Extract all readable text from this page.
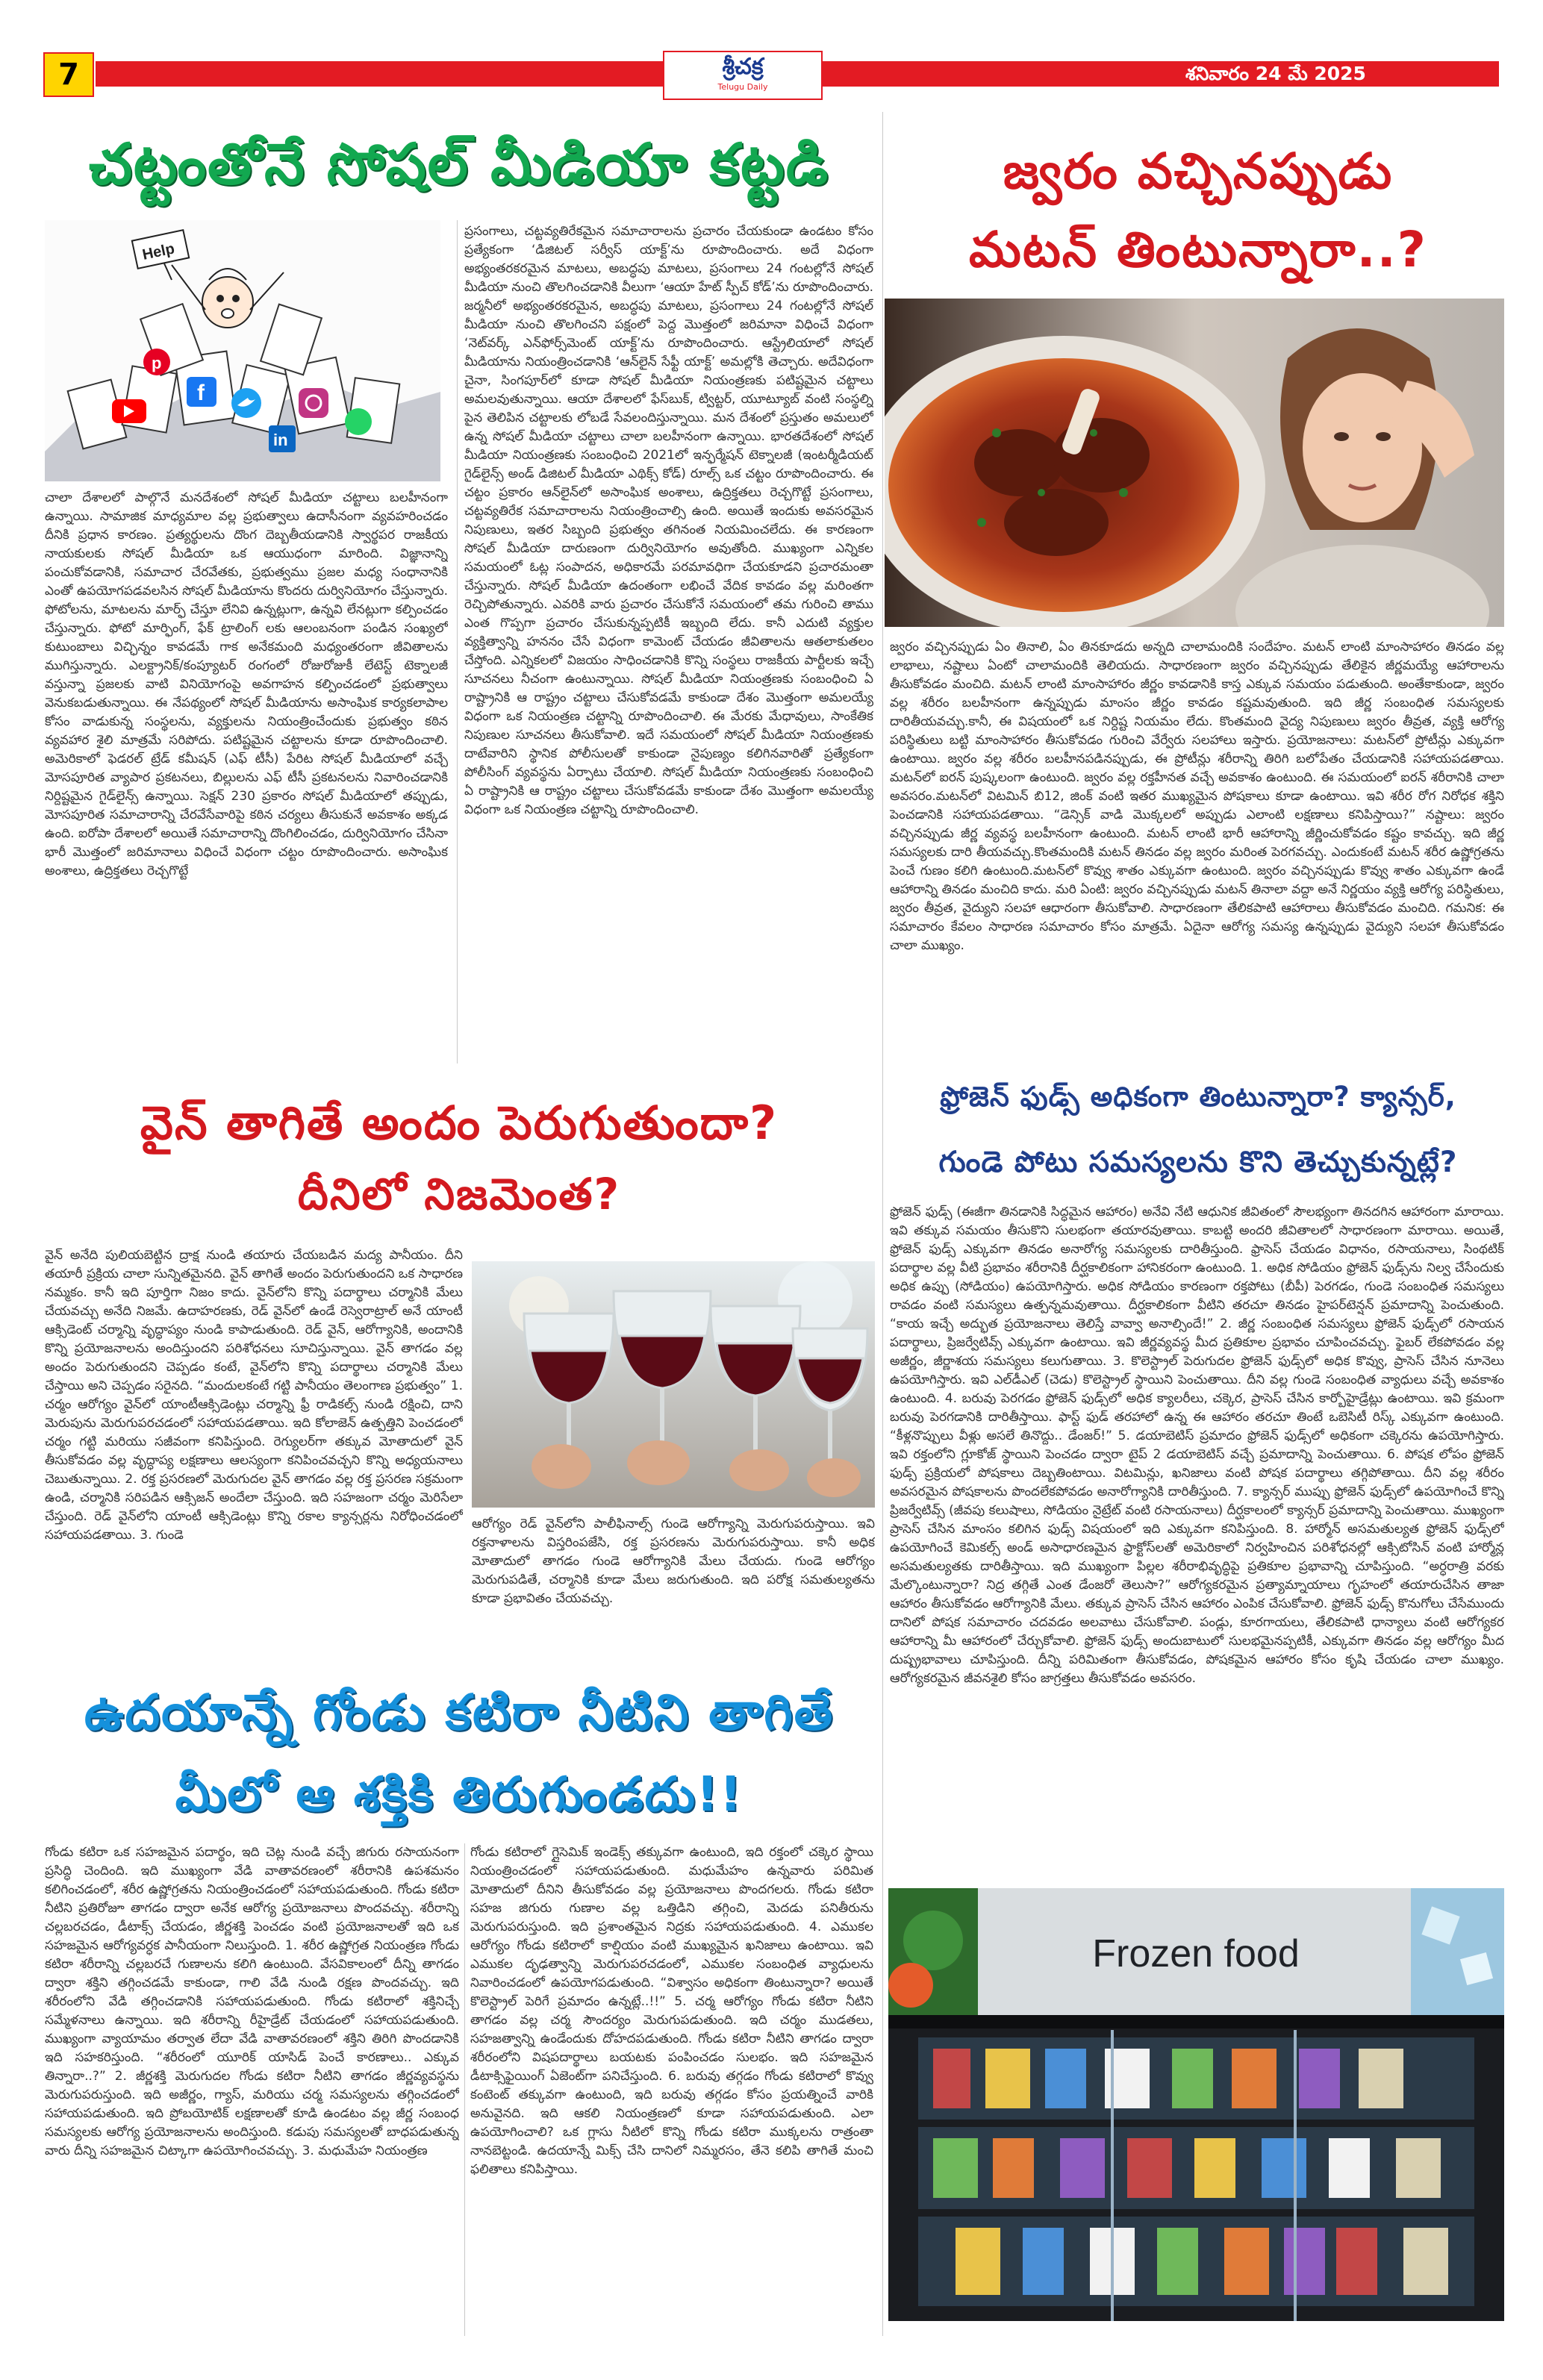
7	శ్రీచక్ర
Telugu Daily
శనివారం 24 మే 2025
చట్టంతోనే సోషల్ మీడియా కట్టడి
f
in
p
Help

చాలా దేశాలలో పాల్గొనే మనదేశంలో సోషల్ మీడియా చట్టాలు బలహీనంగా ఉన్నాయి. సామాజిక మాధ్యమాల వల్ల ప్రభుత్వాలు ఉదాసీనంగా వ్యవహరించడం దీనికి ప్రధాన కారణం. ప్రత్యర్థులను దొంగ దెబ్బతీయడానికి స్వార్థపర రాజకీయ నాయకులకు సోషల్ మీడియా ఒక ఆయుధంగా మారింది. విజ్ఞానాన్ని పంచుకోవడానికి, సమాచార చేరవేతకు, ప్రభుత్వము ప్రజల మధ్య సంధానానికి ఎంతో ఉపయోగపడవలసిన సోషల్ మీడియాను కొందరు దుర్వినియోగం చేస్తున్నారు. ఫోటోలను, మాటలను మార్ఫ్ చేస్తూ లేనివి ఉన్నట్లుగా, ఉన్నవి లేనట్లుగా కల్పించడం చేస్తున్నారు. ఫోటో మార్ఫింగ్, ఫేక్ ట్రాలింగ్ లకు ఆలంబనంగా పండిన సంఖ్యలో కుటుంబాలు విచ్ఛిన్నం కావడమే గాక అనేకమంది మధ్యంతరంగా జీవితాలను ముగిస్తున్నారు. ఎలక్ట్రానిక్/కంప్యూటర్ రంగంలో రోజురోజుకీ లేటెస్ట్ టెక్నాలజీ వస్తున్నా ప్రజలకు వాటి వినియోగంపై అవగాహన కల్పించడంలో ప్రభుత్వాలు వెనుకబడుతున్నాయి. ఈ నేపథ్యంలో సోషల్ మీడియాను అసాంఘిక కార్యకలాపాల కోసం వాడుకున్న సంస్థలను, వ్యక్తులను నియంత్రించేందుకు ప్రభుత్వం కఠిన వ్యవహార శైలి మాత్రమే సరిపోదు. పటిష్టమైన చట్టాలను కూడా రూపొందించాలి. అమెరికాలో ఫెడరల్ ట్రేడ్ కమీషన్ (ఎఫ్ టీసీ) పేరిట సోషల్ మీడియాలో వచ్చే మోసపూరిత వ్యాపార ప్రకటనలు, బిల్లులను ఎఫ్ టీసీ ప్రకటనలను నివారించడానికి నిర్దిష్టమైన గైడ్‌లైన్స్ ఉన్నాయి. సెక్షన్ 230 ప్రకారం సోషల్ మీడియాలో తప్పుడు, మోసపూరిత సమాచారాన్ని చేరవేసేవారిపై కఠిన చర్యలు తీసుకునే అవకాశం అక్కడ ఉంది. ఐరోపా దేశాలలో అయితే సమాచారాన్ని దొంగిలించడం, దుర్వినియోగం చేసినా భారీ మొత్తంలో జరిమానాలు విధించే విధంగా చట్టం రూపొందించారు. అసాంఘిక అంశాలు, ఉద్రిక్తతలు రెచ్చగొట్టే

ప్రసంగాలు, చట్టవ్యతిరేకమైన సమాచారాలను ప్రచారం చేయకుండా ఉండటం కోసం ప్రత్యేకంగా ‘డిజిటల్ సర్వీస్ యాక్ట్’ను రూపొందించారు. అదే విధంగా అభ్యంతరకరమైన మాటలు, అబద్ధపు మాటలు, ప్రసంగాలు 24 గంటల్లోనే సోషల్ మీడియా నుంచి తొలగించడానికి వీలుగా ‘ఆయా హేట్ స్పీచ్ కోడ్’ను రూపొందించారు. జర్మనీలో అభ్యంతరకరమైన, అబద్ధపు మాటలు, ప్రసంగాలు 24 గంటల్లోనే సోషల్ మీడియా నుంచి తొలగించని పక్షంలో పెద్ద మొత్తంలో జరిమానా విధించే విధంగా ‘నెట్‌వర్క్ ఎన్‌ఫోర్స్‌మెంట్ యాక్ట్’ను రూపొందించారు. ఆస్ట్రేలియాలో సోషల్ మీడియాను నియంత్రించడానికి ‘ఆన్‌లైన్ సేఫ్టీ యాక్ట్’ అమల్లోకి తెచ్చారు. అదేవిధంగా చైనా, సింగపూర్‌లో కూడా సోషల్ మీడియా నియంత్రణకు పటిష్టమైన చట్టాలు అమలవుతున్నాయి. ఆయా దేశాలలో ఫేస్‌బుక్, ట్విట్టర్, యూట్యూబ్ వంటి సంస్థల్ని పైన తెలిపిన చట్టాలకు లోబడే సేవలందిస్తున్నాయి. మన దేశంలో ప్రస్తుతం అమలులో ఉన్న సోషల్ మీడియా చట్టాలు చాలా బలహీనంగా ఉన్నాయి. భారతదేశంలో సోషల్ మీడియా నియంత్రణకు సంబంధించి 2021లో ఇన్ఫర్మేషన్ టెక్నాలజీ (ఇంటర్మీడియట్ గైడ్‌లైన్స్ అండ్ డిజిటల్ మీడియా ఎథిక్స్ కోడ్) రూల్స్ ఒక చట్టం రూపొందించారు. ఈ చట్టం ప్రకారం ఆన్‌లైన్‌లో అసాంఘిక అంశాలు, ఉద్రిక్తతలు రెచ్చగొట్టే ప్రసంగాలు, చట్టవ్యతిరేక సమాచారాలను నియంత్రించాల్సి ఉంది. అయితే ఇందుకు అవసరమైన నిపుణులు, ఇతర సిబ్బంది ప్రభుత్వం తగినంత నియమించలేదు. ఈ కారణంగా సోషల్ మీడియా దారుణంగా దుర్వినియోగం అవుతోంది. ముఖ్యంగా ఎన్నికల సమయంలో ఓట్ల సంపాదన, అధికారమే పరమావధిగా చేయకూడని ప్రచారమంతా చేస్తున్నారు. సోషల్ మీడియా ఉదంతంగా లభించే వేదిక కావడం వల్ల మరింతగా రెచ్చిపోతున్నారు. ఎవరికి వారు ప్రచారం చేసుకోనే సమయంలో తమ గురించి తాము ఎంత గొప్పగా ప్రచారం చేసుకున్నప్పటికీ ఇబ్బంది లేదు. కానీ ఎదుటి వ్యక్తుల వ్యక్తిత్వాన్ని హననం చేసే విధంగా కామెంట్ చేయడం జీవితాలను ఆతలాకుతలం చేస్తోంది. ఎన్నికలలో విజయం సాధించడానికి కొన్ని సంస్థలు రాజకీయ పార్టీలకు ఇచ్చే సూచనలు నీచంగా ఉంటున్నాయి. సోషల్ మీడియా నియంత్రణకు సంబంధించి ఏ రాష్ట్రానికి ఆ రాష్ట్రం చట్టాలు చేసుకోవడమే కాకుండా దేశం మొత్తంగా అమలయ్యే విధంగా ఒక నియంత్రణ చట్టాన్ని రూపొందించాలి. ఈ మేరకు మేధావులు, సాంకేతిక నిపుణుల సూచనలు తీసుకోవాలి. ఇదే సమయంలో సోషల్ మీడియా నియంత్రణకు దాటేవారిని స్థానిక పోలీసులతో కాకుండా నైపుణ్యం కలిగినవారితో ప్రత్యేకంగా పోలీసింగ్ వ్యవస్థను ఏర్పాటు చేయాలి. సోషల్ మీడియా నియంత్రణకు సంబంధించి ఏ రాష్ట్రానికి ఆ రాష్ట్రం చట్టాలు చేసుకోవడమే కాకుండా దేశం మొత్తంగా అమలయ్యే విధంగా ఒక నియంత్రణ చట్టాన్ని రూపొందించాలి.

వైన్ తాగితే అందం పెరుగుతుందా?
దీనిలో నిజమెంత?

వైన్ అనేది పులియబెట్టిన ద్రాక్ష నుండి తయారు చేయబడిన మద్య పానీయం. దీని తయారీ ప్రక్రియ చాలా సున్నితమైనది. వైన్ తాగితే అందం పెరుగుతుందని ఒక సాధారణ నమ్మకం. కానీ ఇది పూర్తిగా నిజం కాదు. వైన్‌లోని కొన్ని పదార్థాలు చర్మానికి మేలు చేయవచ్చు అనేది నిజమే. ఉదాహరణకు, రెడ్ వైన్‌లో ఉండే రెస్వెరాట్రాల్ అనే యాంటీ ఆక్సిడెంట్ చర్మాన్ని వృద్ధాప్యం నుండి కాపాడుతుంది. రెడ్ వైన్, ఆరోగ్యానికి, అందానికి కొన్ని ప్రయోజనాలను అందిస్తుందని పరిశోధనలు సూచిస్తున్నాయి. వైన్ తాగడం వల్ల అందం పెరుగుతుందని చెప్పడం కంటే, వైన్‌లోని కొన్ని పదార్థాలు చర్మానికి మేలు చేస్తాయి అని చెప్పడం సరైనది. “మందులకంటే గట్టి పానీయం తెలంగాణ ప్రభుత్వం” 1. చర్మం ఆరోగ్యం వైన్‌లో యాంటీఆక్సిడెంట్లు చర్మాన్ని ఫ్రీ రాడికల్స్ నుండి రక్షించి, దాని మెరుపును మెరుగుపరచడంలో సహాయపడతాయి. ఇది కోలాజెన్ ఉత్పత్తిని పెంచడంలో చర్మం గట్టి మరియు సజీవంగా కనిపిస్తుంది. రెగ్యులర్‌గా తక్కువ మోతాదులో వైన్ తీసుకోవడం వల్ల వృద్ధాప్య లక్షణాలు ఆలస్యంగా కనిపించవచ్చని కొన్ని అధ్యయనాలు చెబుతున్నాయి. 2. రక్త ప్రసరణలో మెరుగుదల వైన్ తాగడం వల్ల రక్త ప్రసరణ సక్రమంగా ఉండి, చర్మానికి సరిపడిన ఆక్సిజన్ అందేలా చేస్తుంది. ఇది సహజంగా చర్మం మెరిసేలా చేస్తుంది. రెడ్ వైన్‌లోని యాంటీ ఆక్సిడెంట్లు కొన్ని రకాల క్యాన్సర్లను నిరోధించడంలో సహాయపడతాయి. 3. గుండె

ఆరోగ్యం రెడ్ వైన్‌లోని పాలీఫినాల్స్ గుండె ఆరోగ్యాన్ని మెరుగుపరుస్తాయి. ఇవి రక్తనాళాలను విస్తరింపజేసి, రక్త ప్రసరణను మెరుగుపరుస్తాయి. కానీ అధిక మోతాదులో తాగడం గుండె ఆరోగ్యానికి మేలు చేయదు. గుండె ఆరోగ్యం మెరుగుపడితే, చర్మానికి కూడా మేలు జరుగుతుంది. ఇది పరోక్ష సమతుల్యతను కూడా ప్రభావితం చేయవచ్చు.

ఉదయాన్నే గోండు కటిరా నీటిని తాగితే
మీలో ఆ శక్తికి తిరుగుండదు!!

గోండు కటిరా ఒక సహజమైన పదార్థం, ఇది చెట్ల నుండి వచ్చే జిగురు రసాయనంగా ప్రసిద్ధి చెందింది. ఇది ముఖ్యంగా వేడి వాతావరణంలో శరీరానికి ఉపశమనం కలిగించడంలో, శరీర ఉష్ణోగ్రతను నియంత్రించడంలో సహాయపడుతుంది. గోండు కటిరా నీటిని ప్రతిరోజూ తాగడం ద్వారా అనేక ఆరోగ్య ప్రయోజనాలు పొందవచ్చు. శరీరాన్ని చల్లబరచడం, డీటాక్స్ చేయడం, జీర్ణశక్తి పెంచడం వంటి ప్రయోజనాలతో ఇది ఒక సహజమైన ఆరోగ్యవర్ధక పానీయంగా నిలుస్తుంది. 1. శరీర ఉష్ణోగ్రత నియంత్రణ గోండు కటిరా శరీరాన్ని చల్లబరచే గుణాలను కలిగి ఉంటుంది. వేసవికాలంలో దీన్ని తాగడం ద్వారా శక్తిని తగ్గించడమే కాకుండా, గాలి వేడి నుండి రక్షణ పొందవచ్చు. ఇది శరీరంలోని వేడి తగ్గించడానికి సహాయపడుతుంది. గోండు కటిరాలో శక్తినిచ్చే సమ్మేళనాలు ఉన్నాయి. ఇది శరీరాన్ని రీహైడ్రేట్ చేయడంలో సహాయపడుతుంది. ముఖ్యంగా వ్యాయామం తర్వాత లేదా వేడి వాతావరణంలో శక్తిని తిరిగి పొందడానికి ఇది సహకరిస్తుంది. “శరీరంలో యూరిక్ యాసిడ్ పెంచే కారణాలు.. ఎక్కువ తిన్నారా..?” 2. జీర్ణశక్తి మెరుగుదల గోండు కటిరా నీటిని తాగడం జీర్ణవ్యవస్థను మెరుగుపరుస్తుంది. ఇది అజీర్ణం, గ్యాస్, మరియు చర్మ సమస్యలను తగ్గించడంలో సహాయపడుతుంది. ఇది ప్రోబయోటిక్ లక్షణాలతో కూడి ఉండటం వల్ల జీర్ణ సంబంధ సమస్యలకు ఆరోగ్య ప్రయోజనాలను అందిస్తుంది. కడుపు సమస్యలతో బాధపడుతున్న వారు దీన్ని సహజమైన చిట్కాగా ఉపయోగించవచ్చు. 3. మధుమేహ నియంత్రణ

గోండు కటిరాలో గ్లైసెమిక్ ఇండెక్స్ తక్కువగా ఉంటుంది, ఇది రక్తంలో చక్కెర స్థాయి నియంత్రించడంలో సహాయపడుతుంది. మధుమేహం ఉన్నవారు పరిమిత మోతాదులో దీనిని తీసుకోవడం వల్ల ప్రయోజనాలు పొందగలరు. గోండు కటిరా సహజ జిగురు గుణాల వల్ల ఒత్తిడిని తగ్గించి, మెదడు పనితీరును మెరుగుపరుస్తుంది. ఇది ప్రశాంతమైన నిద్రకు సహాయపడుతుంది. 4. ఎముకల ఆరోగ్యం గోండు కటిరాలో కాల్షియం వంటి ముఖ్యమైన ఖనిజాలు ఉంటాయి. ఇవి ఎముకల దృఢత్వాన్ని మెరుగుపరచడంలో, ఎముకల సంబంధిత వ్యాధులను నివారించడంలో ఉపయోగపడుతుంది. “విశ్వాసం అధికంగా తింటున్నారా? అయితే కొలెస్ట్రాల్ పెరిగే ప్రమాదం ఉన్నట్లే..!!” 5. చర్మ ఆరోగ్యం గోండు కటిరా నీటిని తాగడం వల్ల చర్మ సౌందర్యం మెరుగుపడుతుంది. ఇది చర్మం ముడతలు, సహజత్వాన్ని ఉండేందుకు దోహదపడుతుంది. గోండు కటిరా నీటిని తాగడం ద్వారా శరీరంలోని విషపదార్థాలు బయటకు పంపించడం సులభం. ఇది సహజమైన డీటాక్సిఫైయింగ్ ఏజెంట్‌గా పనిచేస్తుంది. 6. బరువు తగ్గడం గోండు కటిరాలో కొవ్వు కంటెంట్ తక్కువగా ఉంటుంది, ఇది బరువు తగ్గడం కోసం ప్రయత్నించే వారికి అనువైనది. ఇది ఆకలి నియంత్రణలో కూడా సహాయపడుతుంది. ఎలా ఉపయోగించాలి? ఒక గ్లాసు నీటిలో కొన్ని గోండు కటిరా ముక్కలను రాత్రంతా నానబెట్టండి. ఉదయాన్నే మిక్స్ చేసి దానిలో నిమ్మరసం, తేనె కలిపి తాగితే మంచి ఫలితాలు కనిపిస్తాయి.

జ్వరం వచ్చినప్పుడు
మటన్ తింటున్నారా..?

జ్వరం వచ్చినప్పుడు ఏం తినాలి, ఏం తినకూడదు అన్నది చాలామందికి సందేహం. మటన్ లాంటి మాంసాహారం తినడం వల్ల లాభాలు, నష్టాలు ఏంటో చాలామందికి తెలియదు. సాధారణంగా జ్వరం వచ్చినప్పుడు తేలికైన జీర్ణమయ్యే ఆహారాలను తీసుకోవడం మంచిది. మటన్ లాంటి మాంసాహారం జీర్ణం కావడానికి కాస్త ఎక్కువ సమయం పడుతుంది. అంతేకాకుండా, జ్వరం వల్ల శరీరం బలహీనంగా ఉన్నప్పుడు మాంసం జీర్ణం కావడం కష్టమవుతుంది. ఇది జీర్ణ సంబంధిత సమస్యలకు దారితీయవచ్చు.కానీ, ఈ విషయంలో ఒక నిర్దిష్ట నియమం లేదు. కొంతమంది వైద్య నిపుణులు జ్వరం తీవ్రత, వ్యక్తి ఆరోగ్య పరిస్థితులు బట్టి మాంసాహారం తీసుకోవడం గురించి వేర్వేరు సలహాలు ఇస్తారు. ప్రయోజనాలు: మటన్‌లో ప్రోటీన్లు ఎక్కువగా ఉంటాయి. జ్వరం వల్ల శరీరం బలహీనపడినప్పుడు, ఈ ప్రోటీన్లు శరీరాన్ని తిరిగి బలోపేతం చేయడానికి సహాయపడతాయి. మటన్‌లో ఐరన్ పుష్కలంగా ఉంటుంది. జ్వరం వల్ల రక్తహీనత వచ్చే అవకాశం ఉంటుంది. ఈ సమయంలో ఐరన్ శరీరానికి చాలా అవసరం.మటన్‌లో విటమిన్ బి12, జింక్ వంటి ఇతర ముఖ్యమైన పోషకాలు కూడా ఉంటాయి. ఇవి శరీర రోగ నిరోధక శక్తిని పెంచడానికి సహాయపడతాయి. “డెన్సిక్ వాడి మొక్కలలో అప్పుడు ఎలాంటి లక్షణాలు కనిపిస్తాయి?” నష్టాలు: జ్వరం వచ్చినప్పుడు జీర్ణ వ్యవస్థ బలహీనంగా ఉంటుంది. మటన్ లాంటి భారీ ఆహారాన్ని జీర్ణించుకోవడం కష్టం కావచ్చు. ఇది జీర్ణ సమస్యలకు దారి తీయవచ్చు.కొంతమందికి మటన్ తినడం వల్ల జ్వరం మరింత పెరగవచ్చు. ఎందుకంటే మటన్ శరీర ఉష్ణోగ్రతను పెంచే గుణం కలిగి ఉంటుంది.మటన్‌లో కొవ్వు శాతం ఎక్కువగా ఉంటుంది. జ్వరం వచ్చినప్పుడు కొవ్వు శాతం ఎక్కువగా ఉండే ఆహారాన్ని తినడం మంచిది కాదు. మరి ఏంటి: జ్వరం వచ్చినప్పుడు మటన్ తినాలా వద్దా అనే నిర్ణయం వ్యక్తి ఆరోగ్య పరిస్థితులు, జ్వరం తీవ్రత, వైద్యుని సలహా ఆధారంగా తీసుకోవాలి. సాధారణంగా తేలికపాటి ఆహారాలు తీసుకోవడం మంచిది. గమనిక: ఈ సమాచారం కేవలం సాధారణ సమాచారం కోసం మాత్రమే. ఏదైనా ఆరోగ్య సమస్య ఉన్నప్పుడు వైద్యుని సలహా తీసుకోవడం చాలా ముఖ్యం.

ఫ్రోజెన్ ఫుడ్స్ అధికంగా తింటున్నారా? క్యాన్సర్,
గుండె పోటు సమస్యలను కొని తెచ్చుకున్నట్లే?

ఫ్రోజెన్ ఫుడ్స్ (ఈజీగా తినడానికి సిద్ధమైన ఆహారం) అనేవి నేటి ఆధునిక జీవితంలో సౌలభ్యంగా తినదగిన ఆహారంగా మారాయి. ఇవి తక్కువ సమయం తీసుకొని సులభంగా తయారవుతాయి. కాబట్టి అందరి జీవితాలలో సాధారణంగా మారాయి. అయితే, ఫ్రోజెన్ ఫుడ్స్ ఎక్కువగా తినడం అనారోగ్య సమస్యలకు దారితీస్తుంది. ఫ్రాసెస్ చేయడం విధానం, రసాయనాలు, సింథటిక్ పదార్థాల వల్ల వీటి ప్రభావం శరీరానికి దీర్ఘకాలికంగా హానికరంగా ఉంటుంది. 1. అధిక సోడియం ఫ్రోజెన్ ఫుడ్స్‌ను నిల్వ చేసేందుకు అధిక ఉప్పు (సోడియం) ఉపయోగిస్తారు. అధిక సోడియం కారణంగా రక్తపోటు (బీపీ) పెరగడం, గుండె సంబంధిత సమస్యలు రావడం వంటి సమస్యలు ఉత్పన్నమవుతాయి. దీర్ఘకాలికంగా వీటిని తరచూ తినడం హైపర్‌టెన్షన్ ప్రమాదాన్ని పెంచుతుంది. “కాయ ఇచ్చే అద్భుత ప్రయోజనాలు తెలిస్తే వావ్వా అనాల్సిందే!” 2. జీర్ణ సంబంధిత సమస్యలు ఫ్రోజెన్ ఫుడ్స్‌లో రసాయన పదార్థాలు, ప్రిజర్వేటివ్స్ ఎక్కువగా ఉంటాయి. ఇవి జీర్ణవ్యవస్థ మీద ప్రతికూల ప్రభావం చూపించవచ్చు. ఫైబర్ లేకపోవడం వల్ల అజీర్ణం, జీర్ణాశయ సమస్యలు కలుగుతాయి. 3. కొలెస్ట్రాల్ పెరుగుదల ఫ్రోజెన్ ఫుడ్స్‌లో అధిక కొవ్వు, ప్రాసెస్ చేసిన నూనెలు ఉపయోగిస్తారు. ఇవి ఎల్‌డీఎల్ (చెడు) కొలెస్ట్రాల్ స్థాయిని పెంచుతాయి. దీని వల్ల గుండె సంబంధిత వ్యాధులు వచ్చే అవకాశం ఉంటుంది. 4. బరువు పెరగడం ఫ్రోజెన్ ఫుడ్స్‌లో అధిక క్యాలరీలు, చక్కెర, ప్రాసెస్ చేసిన కార్బోహైడ్రేట్లు ఉంటాయి. ఇవి క్రమంగా బరువు పెరగడానికి దారితీస్తాయి. ఫాస్ట్ ఫుడ్ తరహాలో ఉన్న ఈ ఆహారం తరచూ తింటే ఒబెసిటీ రిస్క్ ఎక్కువగా ఉంటుంది. “కీళ్లనొప్పులు వీళ్లు అసలే తినొద్దు.. డేంజర్!” 5. డయాబెటిస్ ప్రమాదం ఫ్రోజెన్ ఫుడ్స్‌లో అధికంగా చక్కెరను ఉపయోగిస్తారు. ఇవి రక్తంలోని గ్లూకోజ్ స్థాయిని పెంచడం ద్వారా టైప్ 2 డయాబెటిస్ వచ్చే ప్రమాదాన్ని పెంచుతాయి. 6. పోషక లోపం ఫ్రోజెన్ ఫుడ్స్ ప్రక్రియలో పోషకాలు దెబ్బతింటాయి. విటమిన్లు, ఖనిజాలు వంటి పోషక పదార్థాలు తగ్గిపోతాయి. దీని వల్ల శరీరం అవసరమైన పోషకాలను పొందలేకపోవడం అనారోగ్యానికి దారితీస్తుంది. 7. క్యాన్సర్ ముప్పు ఫ్రోజెన్ ఫుడ్స్‌లో ఉపయోగించే కొన్ని ప్రిజర్వేటివ్స్ (జీవపు కలుషాలు, సోడియం నైట్రేట్ వంటి రసాయనాలు) దీర్ఘకాలంలో క్యాన్సర్ ప్రమాదాన్ని పెంచుతాయి. ముఖ్యంగా ప్రాసెస్ చేసిన మాంసం కలిగిన ఫుడ్స్ విషయంలో ఇది ఎక్కువగా కనిపిస్తుంది. 8. హార్మోన్ అసమతుల్యత ఫ్రోజెన్ ఫుడ్స్‌లో ఉపయోగించే కెమికల్స్ అండ్ అసాధారణమైన ఫ్రాక్టోస్‌లతో అమెరికాలో నిర్వహించిన పరిశోధనల్లో ఆక్సిటోసిన్ వంటి హార్మోన్ల అసమతుల్యతకు దారితీస్తాయి. ఇది ముఖ్యంగా పిల్లల శరీరాభివృద్ధిపై ప్రతికూల ప్రభావాన్ని చూపిస్తుంది. “అర్ధరాత్రి వరకు మేల్కొంటున్నారా? నిద్ర తగ్గితే ఎంత డేంజరో తెలుసా?” ఆరోగ్యకరమైన ప్రత్యామ్నాయాలు గృహంలో తయారుచేసిన తాజా ఆహారం తీసుకోవడం ఆరోగ్యానికి మేలు. తక్కువ ప్రాసెస్ చేసిన ఆహారం ఎంపిక చేసుకోవాలి. ఫ్రోజెన్ ఫుడ్స్ కొనుగోలు చేసేముందు దానిలో పోషక సమాచారం చదవడం అలవాటు చేసుకోవాలి. పండ్లు, కూరగాయలు, తేలికపాటి ధాన్యాలు వంటి ఆరోగ్యకర ఆహారాన్ని మీ ఆహారంలో చేర్చుకోవాలి. ఫ్రోజెన్ ఫుడ్స్ అందుబాటులో సులభమైనప్పటికీ, ఎక్కువగా తినడం వల్ల ఆరోగ్యం మీద దుష్ప్రభావాలు చూపిస్తుంది. దీన్ని పరిమితంగా తీసుకోవడం, పోషకమైన ఆహారం కోసం కృషి చేయడం చాలా ముఖ్యం. ఆరోగ్యకరమైన జీవనశైలి కోసం జాగ్రత్తలు తీసుకోవడం అవసరం.

Frozen food
